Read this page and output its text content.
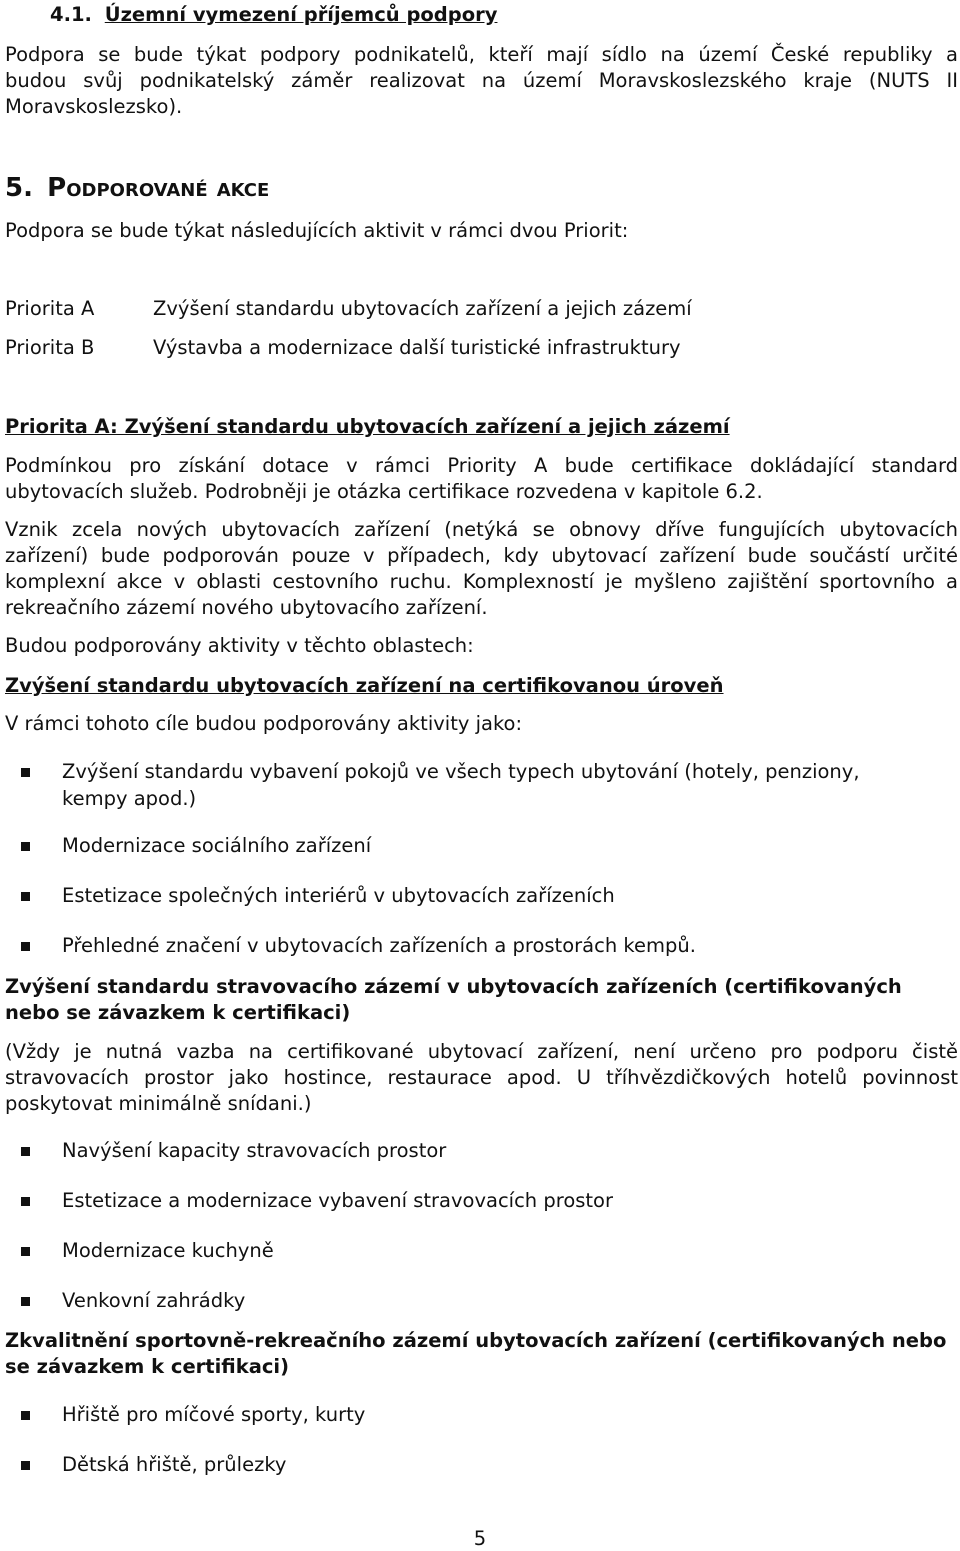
4.1. Územní vymezení příjemců podpory
Podpora se bude týkat podpory podnikatelů, kteří mají sídlo na území České republiky a
budou svůj podnikatelský záměr realizovat na území Moravskoslezského kraje (NUTS II
Moravskoslezsko).
5. Podporované akce
Podpora se bude týkat následujících aktivit v rámci dvou Priorit:
Priorita A	Zvýšení standardu ubytovacích zařízení a jejich zázemí
Priorita B	Výstavba a modernizace další turistické infrastruktury
Priorita A: Zvýšení standardu ubytovacích zařízení a jejich zázemí
Podmínkou pro získání dotace v rámci Priority A bude certifikace dokládající standard
ubytovacích služeb. Podrobněji je otázka certifikace rozvedena v kapitole 6.2.
Vznik zcela nových ubytovacích zařízení (netýká se obnovy dříve fungujících ubytovacích
zařízení) bude podporován pouze v případech, kdy ubytovací zařízení bude součástí určité
komplexní akce v oblasti cestovního ruchu. Komplexností je myšleno zajištění sportovního a
rekreačního zázemí nového ubytovacího zařízení.
Budou podporovány aktivity v těchto oblastech:
Zvýšení standardu ubytovacích zařízení na certifikovanou úroveň
V rámci tohoto cíle budou podporovány aktivity jako:
Zvýšení standardu vybavení pokojů ve všech typech ubytování (hotely, penziony,
kempy apod.)
Modernizace sociálního zařízení
Estetizace společných interiérů v ubytovacích zařízeních
Přehledné značení v ubytovacích zařízeních a prostorách kempů.
Zvýšení standardu stravovacího zázemí v ubytovacích zařízeních (certifikovaných
nebo se závazkem k certifikaci)
(Vždy je nutná vazba na certifikované ubytovací zařízení, není určeno pro podporu čistě
stravovacích prostor jako hostince, restaurace apod. U tříhvězdičkových hotelů povinnost
poskytovat minimálně snídani.)
Navýšení kapacity stravovacích prostor
Estetizace a modernizace vybavení stravovacích prostor
Modernizace kuchyně
Venkovní zahrádky
Zkvalitnění sportovně-rekreačního zázemí ubytovacích zařízení (certifikovaných nebo
se závazkem k certifikaci)
Hřiště pro míčové sporty, kurty
Dětská hřiště, průlezky
5
